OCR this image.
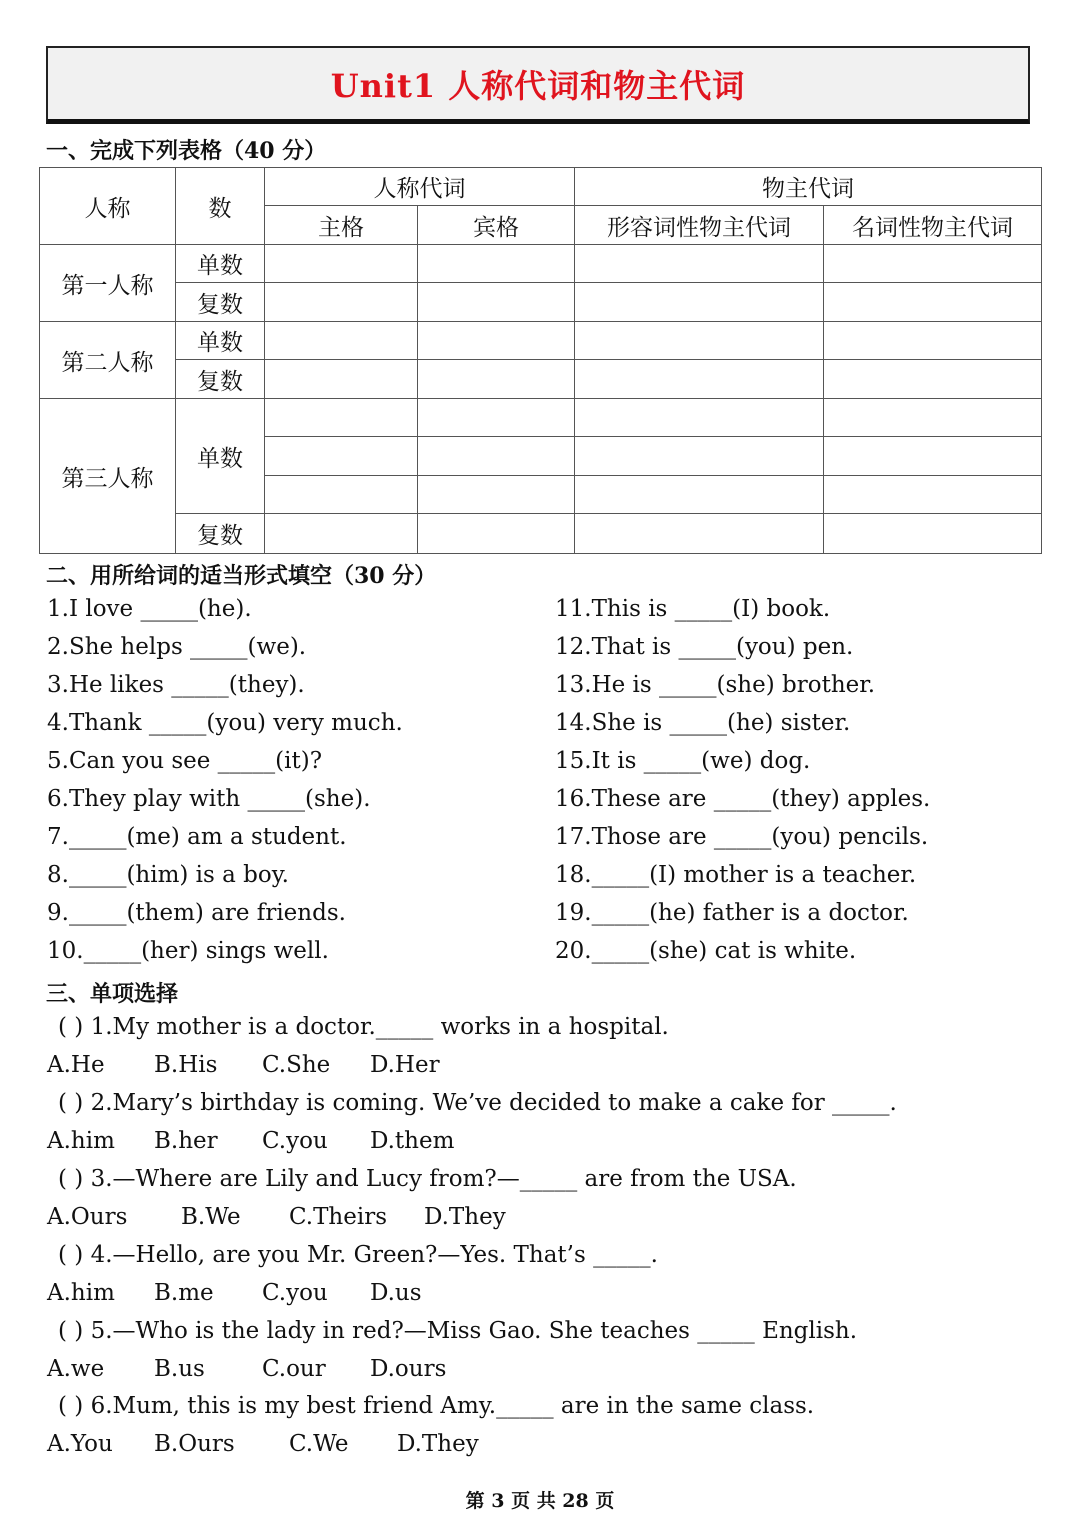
Unit1 人称代词和物主代词
一、完成下列表格（40 分）
人称	数	人称代词		物主代词	
		主格	宾格	形容词性物主代词	名词性物主代词
第一人称	单数				
	复数				
第二人称	单数				
	复数				
第三人称	单数				

	复数				
二、用所给词的适当形式填空（30 分）
1.I love _____(he).
2.She helps _____(we).
3.He likes _____(they).
4.Thank _____(you) very much.
5.Can you see _____(it)?
6.They play with _____(she).
7._____(me) am a student.
8._____(him) is a boy.
9._____(them) are friends.
10._____(her) sings well.
11.This is _____(I) book.
12.That is _____(you) pen.
13.He is _____(she) brother.
14.She is _____(he) sister.
15.It is _____(we) dog.
16.These are _____(they) apples.
17.Those are _____(you) pencils.
18._____(I) mother is a teacher.
19._____(he) father is a doctor.
20._____(she) cat is white.
三、单项选择
( ) 1.My mother is a doctor._____ works in a hospital.
A.He B.His C.She D.Her
( ) 2.Mary’s birthday is coming. We’ve decided to make a cake for _____.
A.him B.her C.you D.them
( ) 3.—Where are Lily and Lucy from?—_____ are from the USA.
A.Ours B.We C.Theirs D.They
( ) 4.—Hello, are you Mr. Green?—Yes. That’s _____.
A.him B.me C.you D.us
( ) 5.—Who is the lady in red?—Miss Gao. She teaches _____ English.
A.we B.us C.our D.ours
( ) 6.Mum, this is my best friend Amy._____ are in the same class.
A.You B.Ours C.We D.They
第 3 页 共 28 页
